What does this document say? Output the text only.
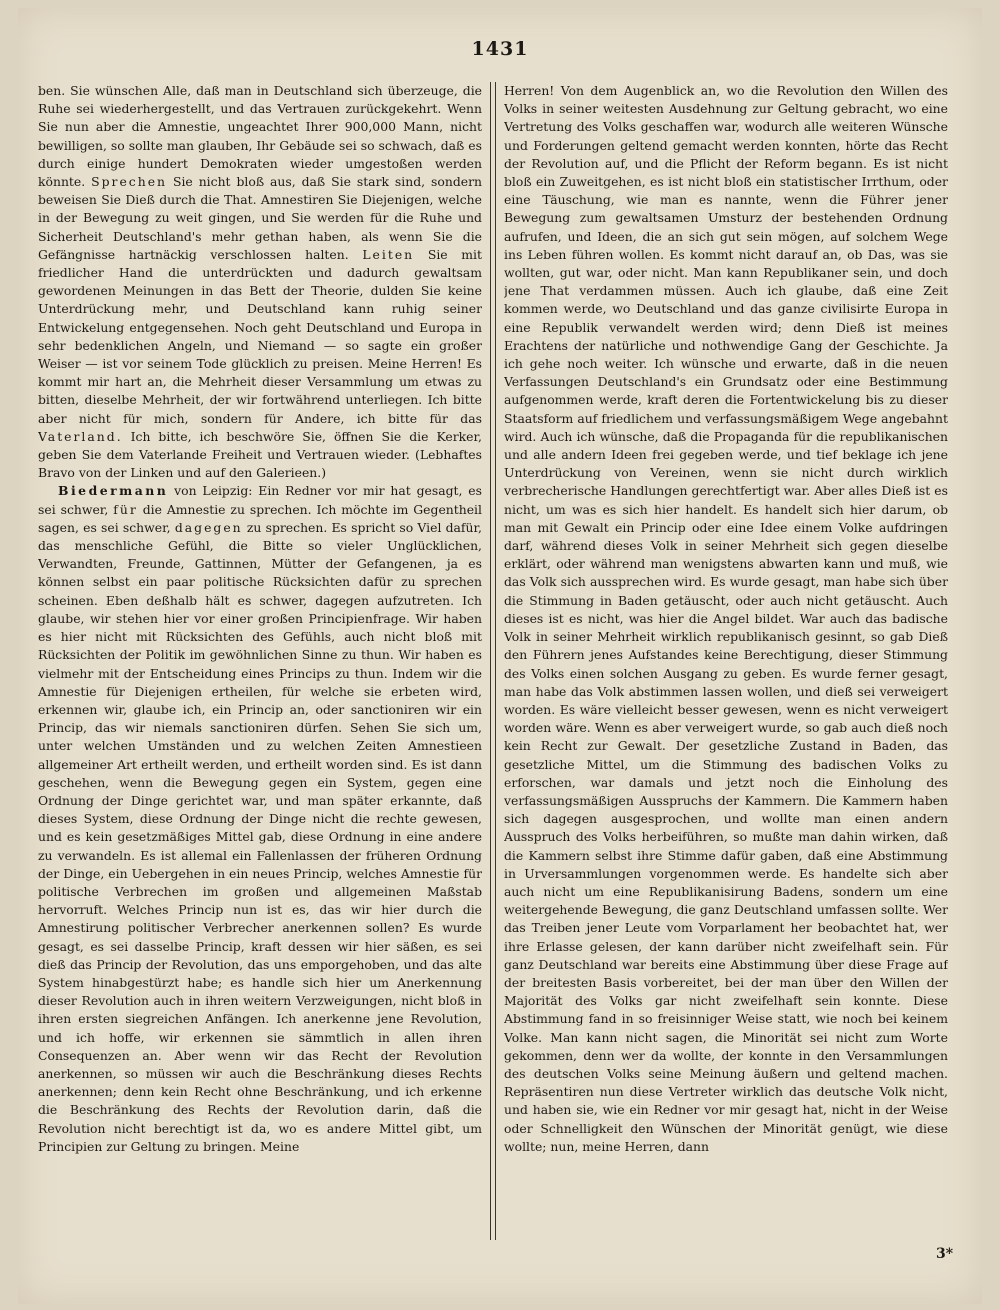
1431

ben. Sie wünschen Alle, daß man in Deutschland sich überzeuge, die Ruhe sei wiederhergestellt, und das Vertrauen zurückgekehrt. Wenn Sie nun aber die Amnestie, ungeachtet Ihrer 900,000 Mann, nicht bewilligen, so sollte man glauben, Ihr Gebäude sei so schwach, daß es durch einige hundert Demokraten wieder umgestoßen werden könnte. Sprechen Sie nicht bloß aus, daß Sie stark sind, sondern beweisen Sie Dieß durch die That. Amnestiren Sie Diejenigen, welche in der Bewegung zu weit gingen, und Sie werden für die Ruhe und Sicherheit Deutschland's mehr gethan haben, als wenn Sie die Gefängnisse hartnäckig verschlossen halten. Leiten Sie mit friedlicher Hand die unterdrückten und dadurch gewaltsam gewordenen Meinungen in das Bett der Theorie, dulden Sie keine Unterdrückung mehr, und Deutschland kann ruhig seiner Entwickelung entgegensehen. Noch geht Deutschland und Europa in sehr bedenklichen Angeln, und Niemand — so sagte ein großer Weiser — ist vor seinem Tode glücklich zu preisen. Meine Herren! Es kommt mir hart an, die Mehrheit dieser Versammlung um etwas zu bitten, dieselbe Mehrheit, der wir fortwährend unterliegen. Ich bitte aber nicht für mich, sondern für Andere, ich bitte für das Vaterland. Ich bitte, ich beschwöre Sie, öffnen Sie die Kerker, geben Sie dem Vaterlande Freiheit und Vertrauen wieder. (Lebhaftes Bravo von der Linken und auf den Galerieen.)

Biedermann von Leipzig: Ein Redner vor mir hat gesagt, es sei schwer, für die Amnestie zu sprechen. Ich möchte im Gegentheil sagen, es sei schwer, dagegen zu sprechen. Es spricht so Viel dafür, das menschliche Gefühl, die Bitte so vieler Unglücklichen, Verwandten, Freunde, Gattinnen, Mütter der Gefangenen, ja es können selbst ein paar politische Rücksichten dafür zu sprechen scheinen. Eben deßhalb hält es schwer, dagegen aufzutreten. Ich glaube, wir stehen hier vor einer großen Principienfrage. Wir haben es hier nicht mit Rücksichten des Gefühls, auch nicht bloß mit Rücksichten der Politik im gewöhnlichen Sinne zu thun. Wir haben es vielmehr mit der Entscheidung eines Princips zu thun. Indem wir die Amnestie für Diejenigen ertheilen, für welche sie erbeten wird, erkennen wir, glaube ich, ein Princip an, oder sanctioniren wir ein Princip, das wir niemals sanctioniren dürfen. Sehen Sie sich um, unter welchen Umständen und zu welchen Zeiten Amnestieen allgemeiner Art ertheilt werden, und ertheilt worden sind. Es ist dann geschehen, wenn die Bewegung gegen ein System, gegen eine Ordnung der Dinge gerichtet war, und man später erkannte, daß dieses System, diese Ordnung der Dinge nicht die rechte gewesen, und es kein gesetzmäßiges Mittel gab, diese Ordnung in eine andere zu verwandeln. Es ist allemal ein Fallenlassen der früheren Ordnung der Dinge, ein Uebergehen in ein neues Princip, welches Amnestie für politische Verbrechen im großen und allgemeinen Maßstab hervorruft. Welches Princip nun ist es, das wir hier durch die Amnestirung politischer Verbrecher anerkennen sollen? Es wurde gesagt, es sei dasselbe Princip, kraft dessen wir hier säßen, es sei dieß das Princip der Revolution, das uns emporgehoben, und das alte System hinabgestürzt habe; es handle sich hier um Anerkennung dieser Revolution auch in ihren weitern Verzweigungen, nicht bloß in ihren ersten siegreichen Anfängen. Ich anerkenne jene Revolution, und ich hoffe, wir erkennen sie sämmtlich in allen ihren Consequenzen an. Aber wenn wir das Recht der Revolution anerkennen, so müssen wir auch die Beschränkung dieses Rechts anerkennen; denn kein Recht ohne Beschränkung, und ich erkenne die Beschränkung des Rechts der Revolution darin, daß die Revolution nicht berechtigt ist da, wo es andere Mittel gibt, um Principien zur Geltung zu bringen. Meine

Herren! Von dem Augenblick an, wo die Revolution den Willen des Volks in seiner weitesten Ausdehnung zur Geltung gebracht, wo eine Vertretung des Volks geschaffen war, wodurch alle weiteren Wünsche und Forderungen geltend gemacht werden konnten, hörte das Recht der Revolution auf, und die Pflicht der Reform begann. Es ist nicht bloß ein Zuweitgehen, es ist nicht bloß ein statistischer Irrthum, oder eine Täuschung, wie man es nannte, wenn die Führer jener Bewegung zum gewaltsamen Umsturz der bestehenden Ordnung aufrufen, und Ideen, die an sich gut sein mögen, auf solchem Wege ins Leben führen wollen. Es kommt nicht darauf an, ob Das, was sie wollten, gut war, oder nicht. Man kann Republikaner sein, und doch jene That verdammen müssen. Auch ich glaube, daß eine Zeit kommen werde, wo Deutschland und das ganze civilisirte Europa in eine Republik verwandelt werden wird; denn Dieß ist meines Erachtens der natürliche und nothwendige Gang der Geschichte. Ja ich gehe noch weiter. Ich wünsche und erwarte, daß in die neuen Verfassungen Deutschland's ein Grundsatz oder eine Bestimmung aufgenommen werde, kraft deren die Fortentwickelung bis zu dieser Staatsform auf friedlichem und verfassungsmäßigem Wege angebahnt wird. Auch ich wünsche, daß die Propaganda für die republikanischen und alle andern Ideen frei gegeben werde, und tief beklage ich jene Unterdrückung von Vereinen, wenn sie nicht durch wirklich verbrecherische Handlungen gerechtfertigt war. Aber alles Dieß ist es nicht, um was es sich hier handelt. Es handelt sich hier darum, ob man mit Gewalt ein Princip oder eine Idee einem Volke aufdringen darf, während dieses Volk in seiner Mehrheit sich gegen dieselbe erklärt, oder während man wenigstens abwarten kann und muß, wie das Volk sich aussprechen wird. Es wurde gesagt, man habe sich über die Stimmung in Baden getäuscht, oder auch nicht getäuscht. Auch dieses ist es nicht, was hier die Angel bildet. War auch das badische Volk in seiner Mehrheit wirklich republikanisch gesinnt, so gab Dieß den Führern jenes Aufstandes keine Berechtigung, dieser Stimmung des Volks einen solchen Ausgang zu geben. Es wurde ferner gesagt, man habe das Volk abstimmen lassen wollen, und dieß sei verweigert worden. Es wäre vielleicht besser gewesen, wenn es nicht verweigert worden wäre. Wenn es aber verweigert wurde, so gab auch dieß noch kein Recht zur Gewalt. Der gesetzliche Zustand in Baden, das gesetzliche Mittel, um die Stimmung des badischen Volks zu erforschen, war damals und jetzt noch die Einholung des verfassungsmäßigen Ausspruchs der Kammern. Die Kammern haben sich dagegen ausgesprochen, und wollte man einen andern Ausspruch des Volks herbeiführen, so mußte man dahin wirken, daß die Kammern selbst ihre Stimme dafür gaben, daß eine Abstimmung in Urversammlungen vorgenommen werde. Es handelte sich aber auch nicht um eine Republikanisirung Badens, sondern um eine weitergehende Bewegung, die ganz Deutschland umfassen sollte. Wer das Treiben jener Leute vom Vorparlament her beobachtet hat, wer ihre Erlasse gelesen, der kann darüber nicht zweifelhaft sein. Für ganz Deutschland war bereits eine Abstimmung über diese Frage auf der breitesten Basis vorbereitet, bei der man über den Willen der Majorität des Volks gar nicht zweifelhaft sein konnte. Diese Abstimmung fand in so freisinniger Weise statt, wie noch bei keinem Volke. Man kann nicht sagen, die Minorität sei nicht zum Worte gekommen, denn wer da wollte, der konnte in den Versammlungen des deutschen Volks seine Meinung äußern und geltend machen. Repräsentiren nun diese Vertreter wirklich das deutsche Volk nicht, und haben sie, wie ein Redner vor mir gesagt hat, nicht in der Weise oder Schnelligkeit den Wünschen der Minorität genügt, wie diese wollte; nun, meine Herren, dann

3*
